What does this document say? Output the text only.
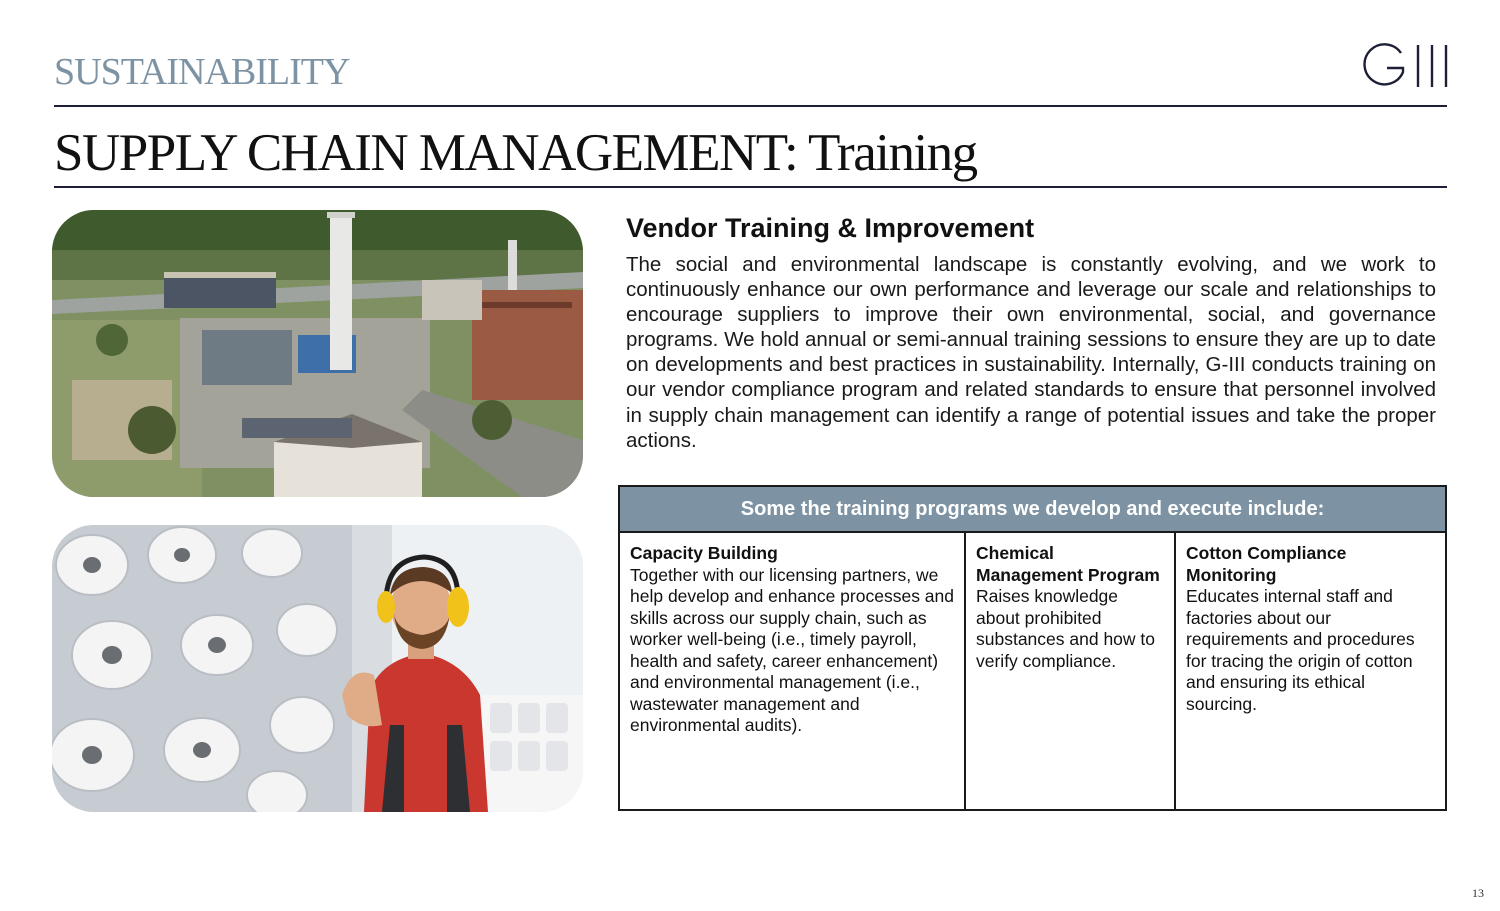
SUSTAINABILITY
SUPPLY CHAIN MANAGEMENT: Training
Vendor Training & Improvement

The social and environmental landscape is constantly evolving, and we work to continuously enhance our own performance and leverage our scale and relationships to encourage suppliers to improve their own environmental, social, and governance programs. We hold annual or semi-annual training sessions to ensure they are up to date on developments and best practices in sustainability. Internally, G-III conducts training on our vendor compliance program and related standards to ensure that personnel involved in supply chain management can identify a range of potential issues and take the proper actions.

Some the training programs we develop and execute include:
Capacity Building
Together with our licensing partners, we help develop and enhance processes and skills across our supply chain, such as worker well-being (i.e., timely payroll, health and safety, career enhancement) and environmental management (i.e., wastewater management and environmental audits).
Chemical Management Program
Raises knowledge about prohibited substances and how to verify compliance.
Cotton Compliance Monitoring
Educates internal staff and factories about our requirements and procedures for tracing the origin of cotton and ensuring its ethical sourcing.
13
